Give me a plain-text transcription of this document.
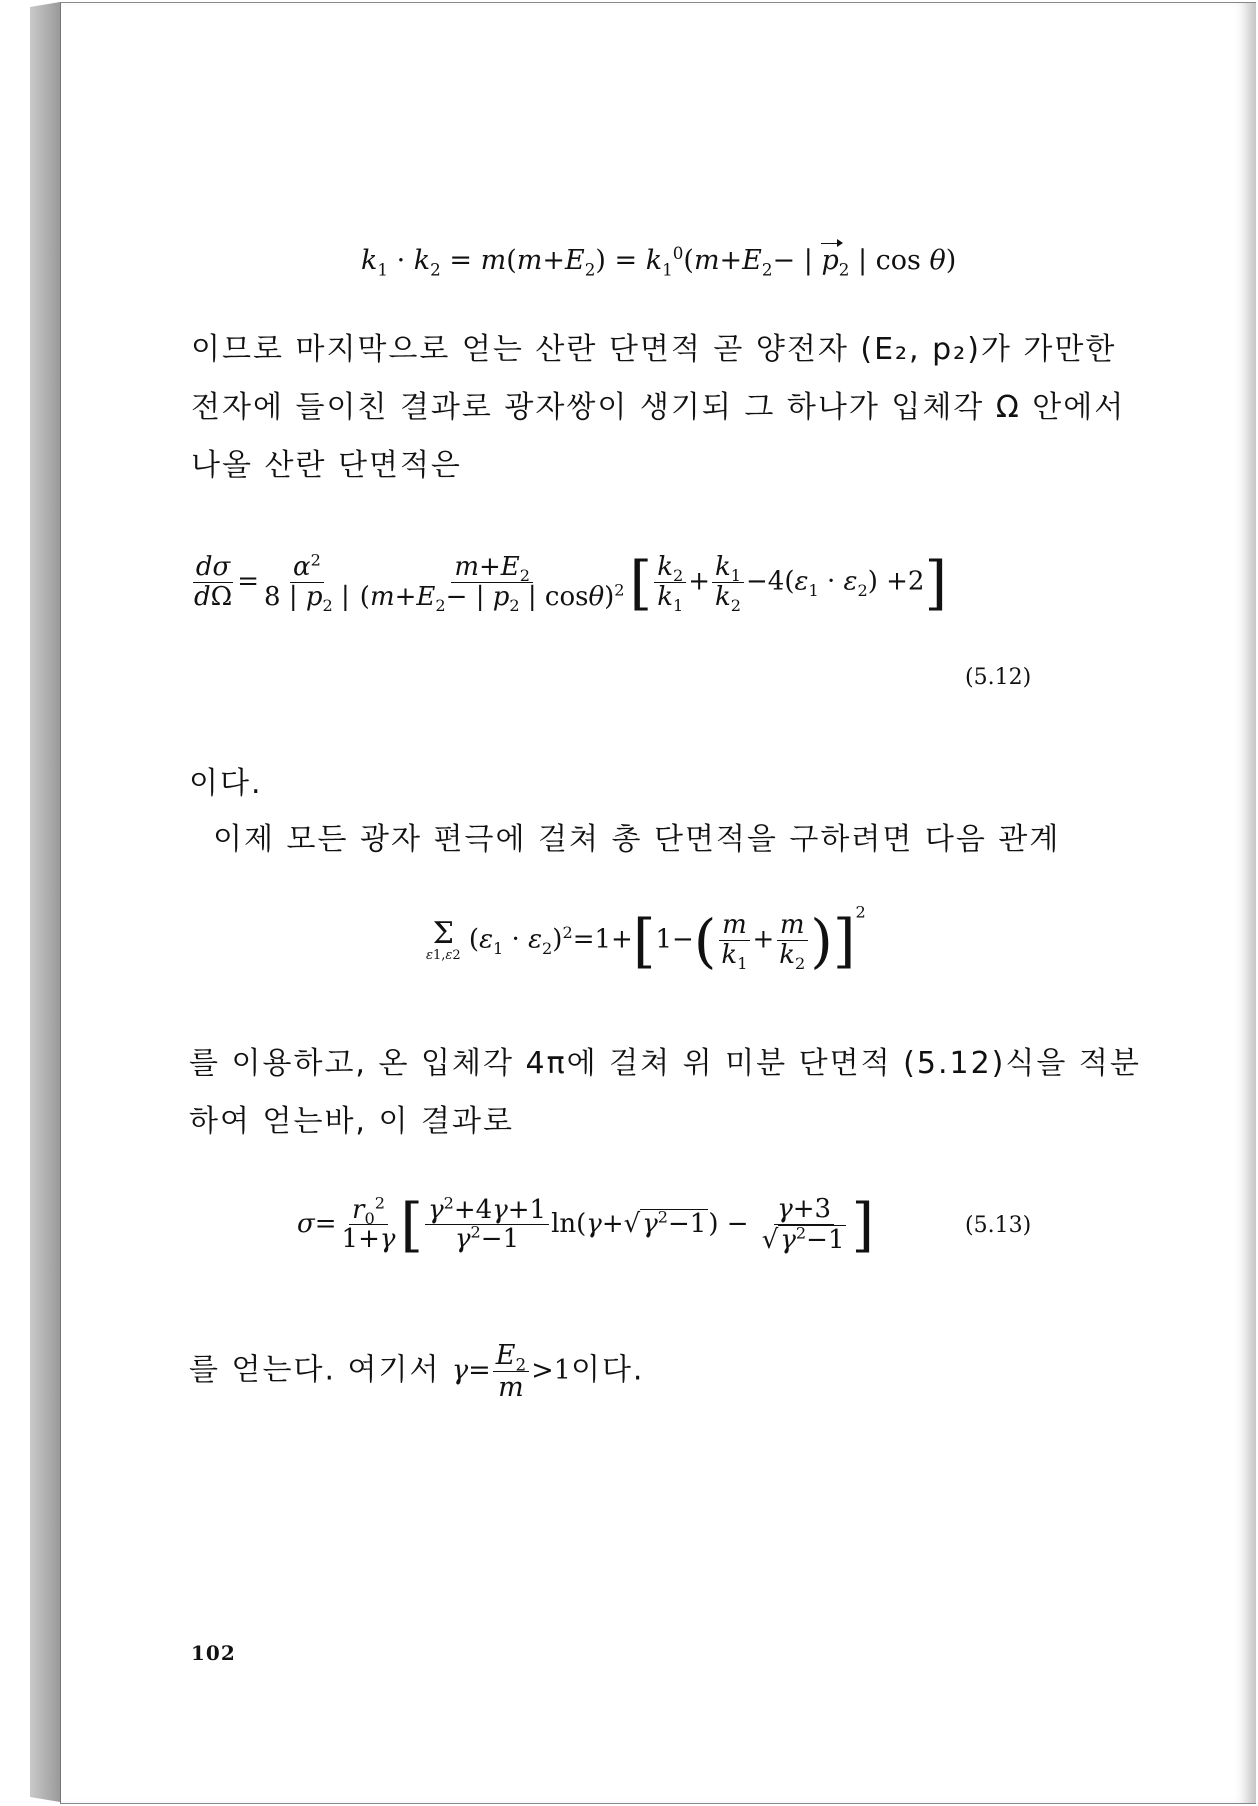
$k_1 \cdot k_2 = m(m+E_2) = k_1^0(m+E_2-$ | $p_2$ | cos θ)
이므로 마지막으로 얻는 산란 단면적 곧 양전자 (E₂, p₂)가 가만한
전자에 들이친 결과로 광자쌍이 생기되 그 하나가 입체각 Ω 안에서
나올 산란 단면적은
$\frac{d\sigma}{d\Omega} = \frac{\alpha^2}{8 | p_2 |} \frac{m+E_2}{(m+E_2- | p_2 | \cos\theta)^2}$ [ $\frac{k_2}{k_1} + \frac{k_1}{k_2} -4(\varepsilon_1 \cdot \varepsilon_2) +2$]
(5.12)
이다.
이제 모든 광자 편극에 걸쳐 총 단면적을 구하려면 다음 관계
Σ
ε1,ε2
$(\varepsilon_1 \cdot \varepsilon_2)^2=1+[1-( \frac{m}{k_1} + \frac{m}{k_2} )]^2$
를 이용하고, 온 입체각 4π에 걸쳐 위 미분 단면적 (5.12)식을 적분
하여 얻는바, 이 결과로
$\sigma= \frac{r_0^2}{1+\gamma}$ [ $\frac{\gamma^2+4\gamma+1}{\gamma^2-1} \ln(\gamma+√\gamma^2-1) - \frac{\gamma+3}{√\gamma^2-1}$ ]	(5.13)
를 얻는다. 여기서 $\gamma= \frac{E_2}{m} >1$이다.
102
